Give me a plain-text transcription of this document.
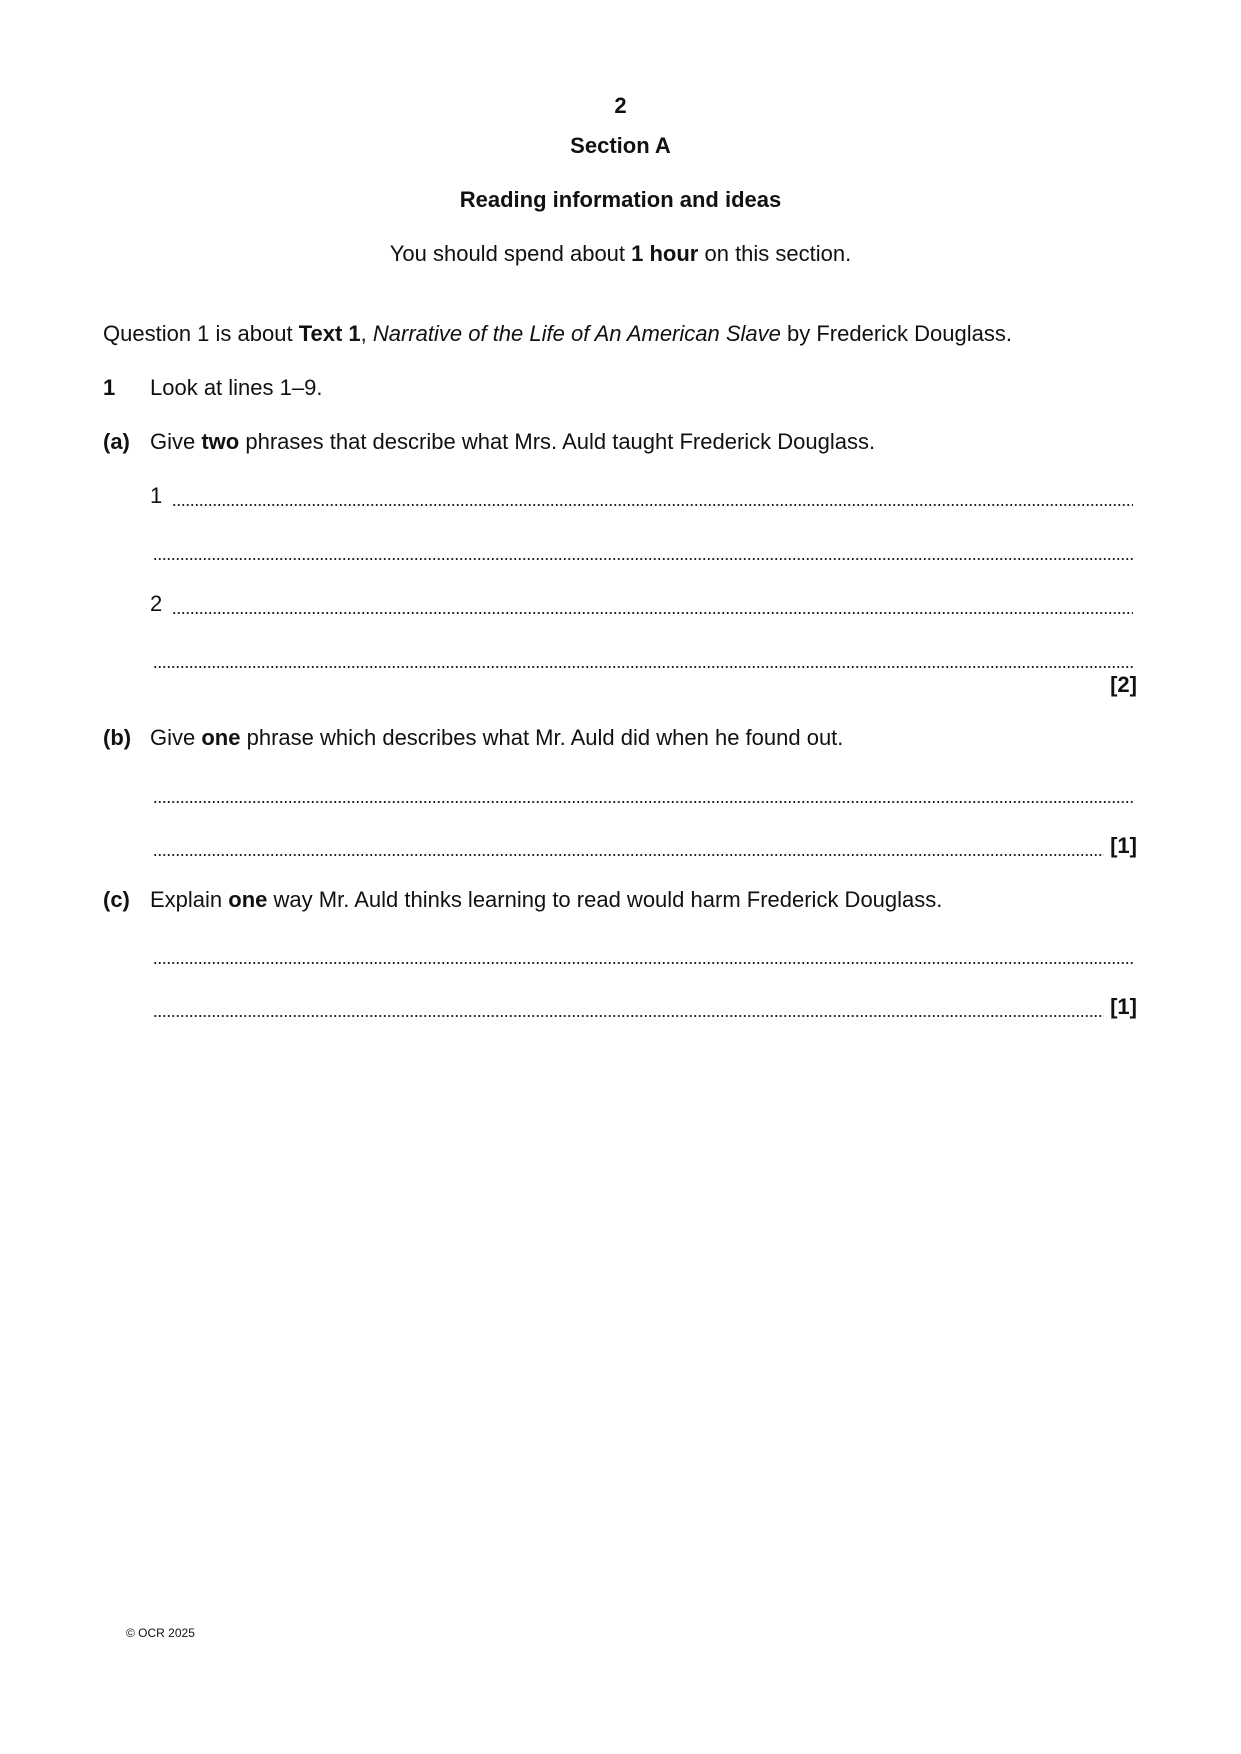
2
Section A
Reading information and ideas
You should spend about 1 hour on this section.
Question 1 is about Text 1, Narrative of the Life of An American Slave by Frederick Douglass.
1 Look at lines 1–9.
(a) Give two phrases that describe what Mrs. Auld taught Frederick Douglass.
1
2
[2]
(b) Give one phrase which describes what Mr. Auld did when he found out.
[1]
(c) Explain one way Mr. Auld thinks learning to read would harm Frederick Douglass.
[1]
© OCR 2025
